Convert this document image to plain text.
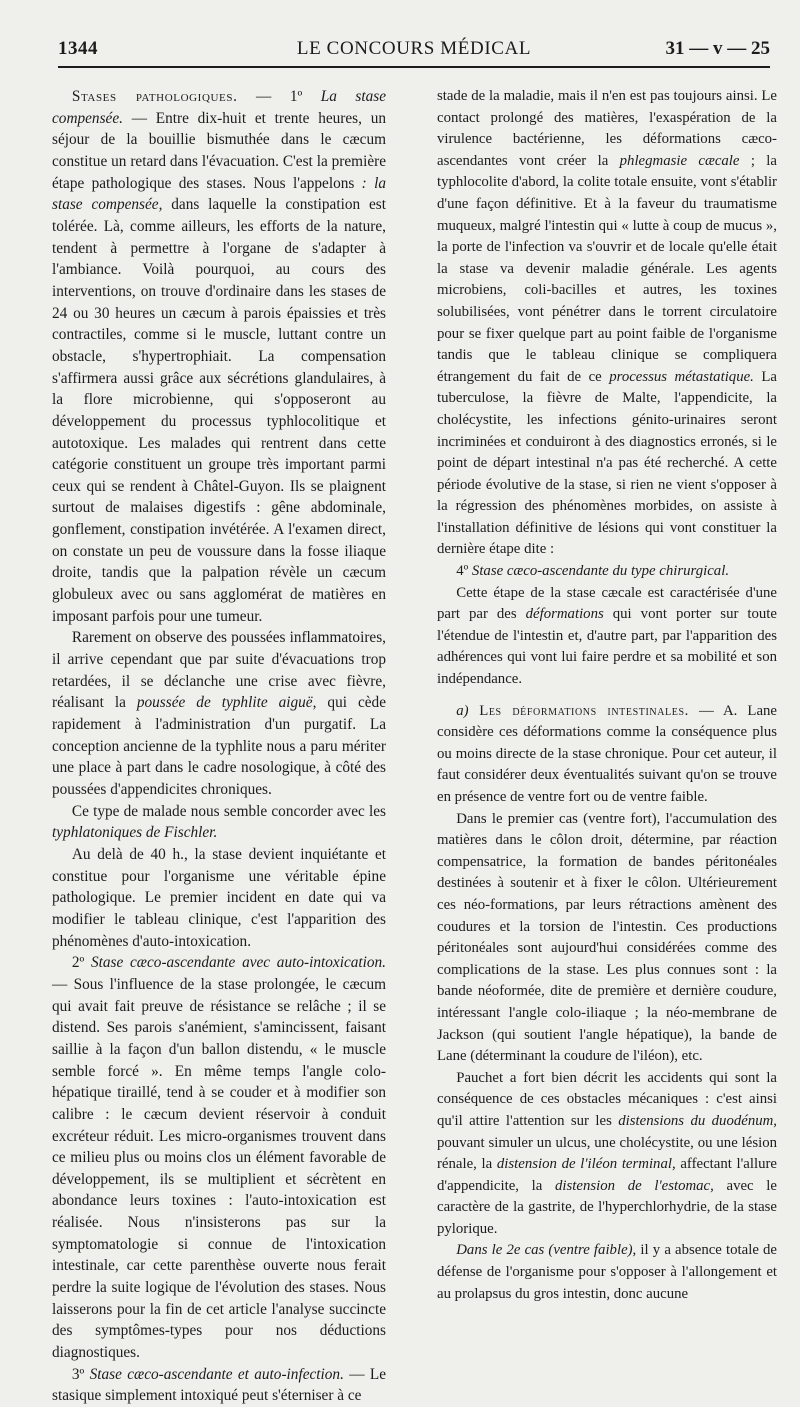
1344	LE CONCOURS MÉDICAL	31 — v — 25

Stases pathologiques. — 1º La stase compensée. — Entre dix-huit et trente heures, un séjour de la bouillie bismuthée dans le cæcum constitue un retard dans l'évacuation. C'est la première étape pathologique des stases. Nous l'appelons : la stase compensée, dans laquelle la constipation est tolérée. Là, comme ailleurs, les efforts de la nature, tendent à permettre à l'organe de s'adapter à l'ambiance. Voilà pourquoi, au cours des interventions, on trouve d'ordinaire dans les stases de 24 ou 30 heures un cæcum à parois épaissies et très contractiles, comme si le muscle, luttant contre un obstacle, s'hypertrophiait. La compensation s'affirmera aussi grâce aux sécrétions glandulaires, à la flore microbienne, qui s'opposeront au développement du processus typhlocolitique et autotoxique. Les malades qui rentrent dans cette catégorie constituent un groupe très important parmi ceux qui se rendent à Châtel-Guyon. Ils se plaignent surtout de malaises digestifs : gêne abdominale, gonflement, constipation invétérée. A l'examen direct, on constate un peu de voussure dans la fosse iliaque droite, tandis que la palpation révèle un cæcum globuleux avec ou sans agglomérat de matières en imposant parfois pour une tumeur.

Rarement on observe des poussées inflammatoires, il arrive cependant que par suite d'évacuations trop retardées, il se déclanche une crise avec fièvre, réalisant la poussée de typhlite aiguë, qui cède rapidement à l'administration d'un purgatif. La conception ancienne de la typhlite nous a paru mériter une place à part dans le cadre nosologique, à côté des poussées d'appendicites chroniques.

Ce type de malade nous semble concorder avec les typhlatoniques de Fischler.

Au delà de 40 h., la stase devient inquiétante et constitue pour l'organisme une véritable épine pathologique. Le premier incident en date qui va modifier le tableau clinique, c'est l'apparition des phénomènes d'auto-intoxication.

2º Stase cæco-ascendante avec auto-intoxication. — Sous l'influence de la stase prolongée, le cæcum qui avait fait preuve de résistance se relâche ; il se distend. Ses parois s'anémient, s'amincissent, faisant saillie à la façon d'un ballon distendu, « le muscle semble forcé ». En même temps l'angle colo-hépatique tiraillé, tend à se couder et à modifier son calibre : le cæcum devient réservoir à conduit excréteur réduit. Les micro-organismes trouvent dans ce milieu plus ou moins clos un élément favorable de développement, ils se multiplient et sécrètent en abondance leurs toxines : l'auto-intoxication est réalisée. Nous n'insisterons pas sur la symptomatologie si connue de l'intoxication intestinale, car cette parenthèse ouverte nous ferait perdre la suite logique de l'évolution des stases. Nous laisserons pour la fin de cet article l'analyse succincte des symptômes-types pour nos déductions diagnostiques.

3º Stase cæco-ascendante et auto-infection. — Le stasique simplement intoxiqué peut s'éterniser à ce

stade de la maladie, mais il n'en est pas toujours ainsi. Le contact prolongé des matières, l'exaspération de la virulence bactérienne, les déformations cæco-ascendantes vont créer la phlegmasie cæcale ; la typhlocolite d'abord, la colite totale ensuite, vont s'établir d'une façon définitive. Et à la faveur du traumatisme muqueux, malgré l'intestin qui « lutte à coup de mucus », la porte de l'infection va s'ouvrir et de locale qu'elle était la stase va devenir maladie générale. Les agents microbiens, coli-bacilles et autres, les toxines solubilisées, vont pénétrer dans le torrent circulatoire pour se fixer quelque part au point faible de l'organisme tandis que le tableau clinique se compliquera étrangement du fait de ce processus métastatique. La tuberculose, la fièvre de Malte, l'appendicite, la cholécystite, les infections génito-urinaires seront incriminées et conduiront à des diagnostics erronés, si le point de départ intestinal n'a pas été recherché. A cette période évolutive de la stase, si rien ne vient s'opposer à la régression des phénomènes morbides, on assiste à l'installation définitive de lésions qui vont constituer la dernière étape dite :

4º Stase cæco-ascendante du type chirurgical.

Cette étape de la stase cæcale est caractérisée d'une part par des déformations qui vont porter sur toute l'étendue de l'intestin et, d'autre part, par l'apparition des adhérences qui vont lui faire perdre et sa mobilité et son indépendance.

a) Les déformations intestinales. — A. Lane considère ces déformations comme la conséquence plus ou moins directe de la stase chronique. Pour cet auteur, il faut considérer deux éventualités suivant qu'on se trouve en présence de ventre fort ou de ventre faible.

Dans le premier cas (ventre fort), l'accumulation des matières dans le côlon droit, détermine, par réaction compensatrice, la formation de bandes péritonéales destinées à soutenir et à fixer le côlon. Ultérieurement ces néo-formations, par leurs rétractions amènent des coudures et la torsion de l'intestin. Ces productions péritonéales sont aujourd'hui considérées comme des complications de la stase. Les plus connues sont : la bande néoformée, dite de première et dernière coudure, intéressant l'angle colo-iliaque ; la néo-membrane de Jackson (qui soutient l'angle hépatique), la bande de Lane (déterminant la coudure de l'iléon), etc.

Pauchet a fort bien décrit les accidents qui sont la conséquence de ces obstacles mécaniques : c'est ainsi qu'il attire l'attention sur les distensions du duodénum, pouvant simuler un ulcus, une cholécystite, ou une lésion rénale, la distension de l'iléon terminal, affectant l'allure d'appendicite, la distension de l'estomac, avec le caractère de la gastrite, de l'hyperchlorhydrie, de la stase pylorique.

Dans le 2e cas (ventre faible), il y a absence totale de défense de l'organisme pour s'opposer à l'allongement et au prolapsus du gros intestin, donc aucune
